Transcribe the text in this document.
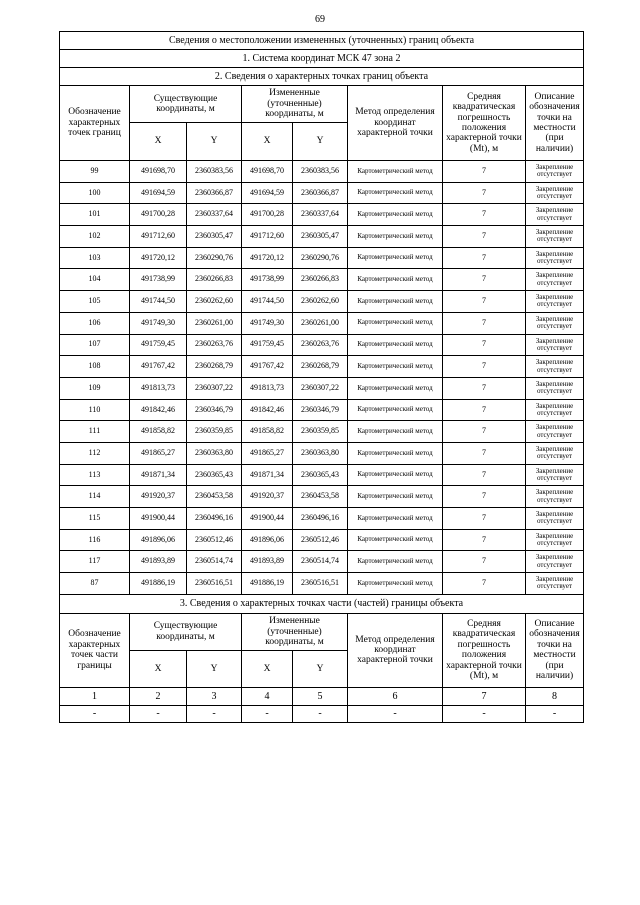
69
Сведения о местоположении измененных (уточненных) границ объекта							
1. Система координат МСК 47 зона 2							
2. Сведения о характерных точках границ объекта							
Обозначение характерных точек границ	Существующие координаты, м		Измененные (уточненные) координаты, м		Метод определения координат характерной точки	Средняя квадратическая погрешность положения характерной точки (Mt), м	Описание обозначения точки на местности (при наличии)
	X	Y	X	Y			
99	491698,70	2360383,56	491698,70	2360383,56	Картометрический метод	7	Закрепление отсутствует
100	491694,59	2360366,87	491694,59	2360366,87	Картометрический метод	7	Закрепление отсутствует
101	491700,28	2360337,64	491700,28	2360337,64	Картометрический метод	7	Закрепление отсутствует
102	491712,60	2360305,47	491712,60	2360305,47	Картометрический метод	7	Закрепление отсутствует
103	491720,12	2360290,76	491720,12	2360290,76	Картометрический метод	7	Закрепление отсутствует
104	491738,99	2360266,83	491738,99	2360266,83	Картометрический метод	7	Закрепление отсутствует
105	491744,50	2360262,60	491744,50	2360262,60	Картометрический метод	7	Закрепление отсутствует
106	491749,30	2360261,00	491749,30	2360261,00	Картометрический метод	7	Закрепление отсутствует
107	491759,45	2360263,76	491759,45	2360263,76	Картометрический метод	7	Закрепление отсутствует
108	491767,42	2360268,79	491767,42	2360268,79	Картометрический метод	7	Закрепление отсутствует
109	491813,73	2360307,22	491813,73	2360307,22	Картометрический метод	7	Закрепление отсутствует
110	491842,46	2360346,79	491842,46	2360346,79	Картометрический метод	7	Закрепление отсутствует
111	491858,82	2360359,85	491858,82	2360359,85	Картометрический метод	7	Закрепление отсутствует
112	491865,27	2360363,80	491865,27	2360363,80	Картометрический метод	7	Закрепление отсутствует
113	491871,34	2360365,43	491871,34	2360365,43	Картометрический метод	7	Закрепление отсутствует
114	491920,37	2360453,58	491920,37	2360453,58	Картометрический метод	7	Закрепление отсутствует
115	491900,44	2360496,16	491900,44	2360496,16	Картометрический метод	7	Закрепление отсутствует
116	491896,06	2360512,46	491896,06	2360512,46	Картометрический метод	7	Закрепление отсутствует
117	491893,89	2360514,74	491893,89	2360514,74	Картометрический метод	7	Закрепление отсутствует
87	491886,19	2360516,51	491886,19	2360516,51	Картометрический метод	7	Закрепление отсутствует
3. Сведения о характерных точках части (частей) границы объекта							
Обозначение характерных точек части границы	Существующие координаты, м		Измененные (уточненные) координаты, м		Метод определения координат характерной точки	Средняя квадратическая погрешность положения характерной точки (Mt), м	Описание обозначения точки на местности (при наличии)
	X	Y	X	Y			
1	2	3	4	5	6	7	8
-	-	-	-	-	-	-	-
